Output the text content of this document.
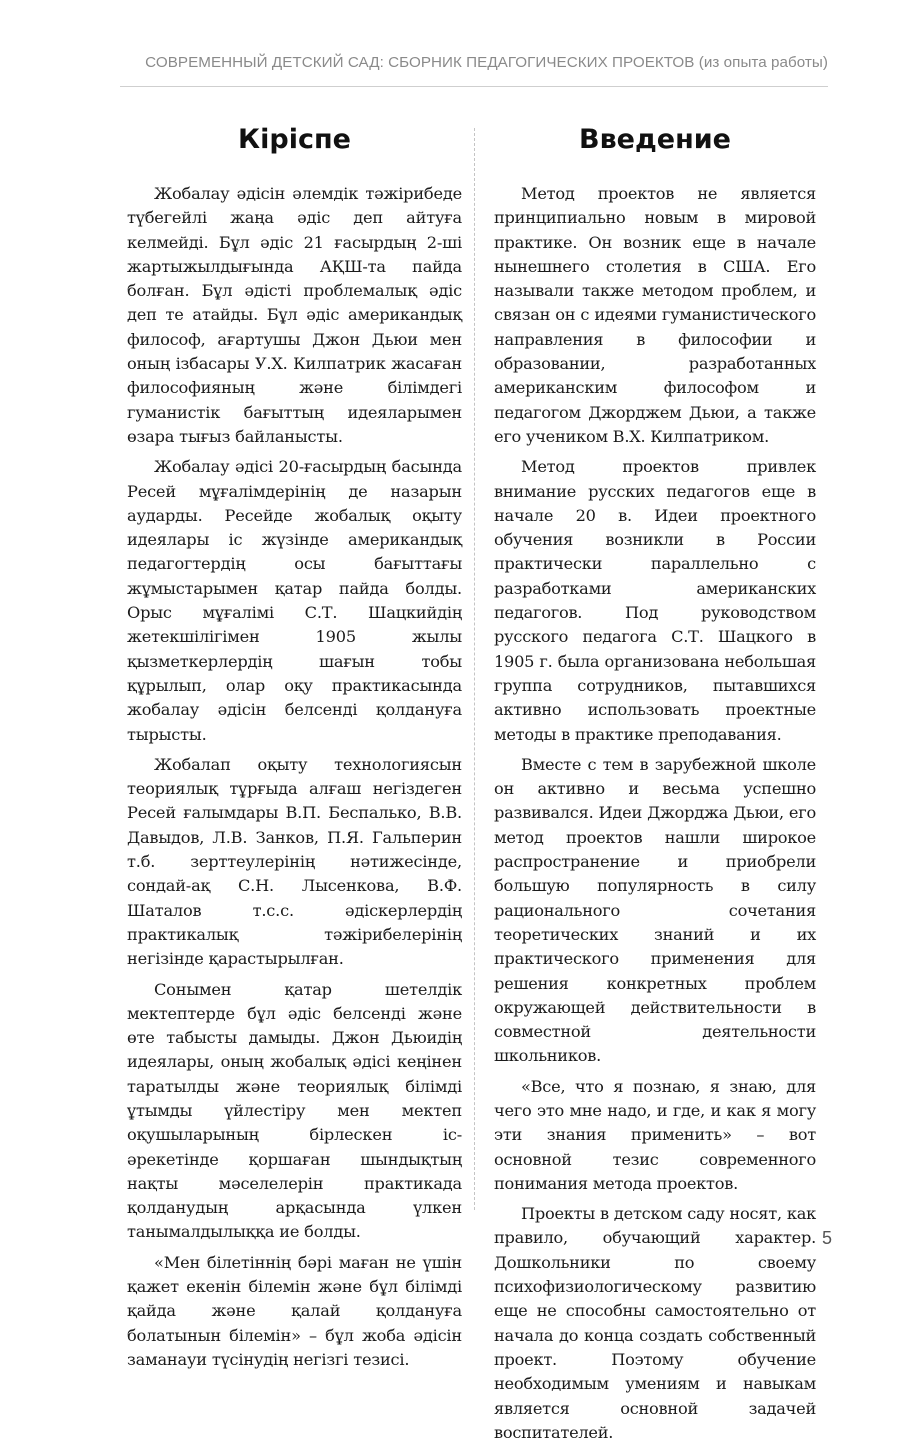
СОВРЕМЕННЫЙ ДЕТСКИЙ САД: СБОРНИК ПЕДАГОГИЧЕСКИХ ПРОЕКТОВ (из опыта работы)
Кіріспе

Жобалау әдісін әлемдік тәжірибеде түбегейлі жаңа әдіс деп айтуға келмейді. Бұл әдіс 21 ғасырдың 2-ші жартыжылдығында АҚШ-та пайда болған. Бұл әдісті проблемалық әдіс деп те атайды. Бұл әдіс американдық философ, ағартушы Джон Дьюи мен оның ізбасары У.Х. Килпатрик жасаған философияның және білімдегі гуманистік бағыттың идеяларымен өзара тығыз байланысты.

Жобалау әдісі 20-ғасырдың басында Ресей мұғалімдерінің де назарын аударды. Ресейде жобалық оқыту идеялары іс жүзінде американдық педагогтердің осы бағыттағы жұмыстарымен қатар пайда болды. Орыс мұғалімі С.Т. Шацкийдің жетекшілігімен 1905 жылы қызметкерлердің шағын тобы құрылып, олар оқу практикасында жобалау әдісін белсенді қолдануға тырысты.

Жобалап оқыту технологиясын теориялық тұрғыда алғаш негіздеген Ресей ғалымдары В.П. Беспалько, В.В. Давыдов, Л.В. Занков, П.Я. Гальперин т.б. зерттеулерінің нәтижесінде, сондай-ақ С.Н. Лысенкова, В.Ф. Шаталов т.с.с. әдіскерлердің практикалық тәжірибелерінің негізінде қарастырылған.

Сонымен қатар шетелдік мектептерде бұл әдіс белсенді және өте табысты дамыды. Джон Дьюидің идеялары, оның жобалық әдісі кеңінен таратылды және теориялық білімді ұтымды үйлестіру мен мектеп оқушыларының бірлескен іс-әрекетінде қоршаған шындықтың нақты мәселелерін практикада қолданудың арқасында үлкен танымалдылыққа ие болды.

«Мен білетіннің бәрі маған не үшін қажет екенін білемін және бұл білімді қайда және қалай қолдануға болатынын білемін» – бұл жоба әдісін заманауи түсінудің негізгі тезисі.

Введение

Метод проектов не является принципиально новым в мировой практике. Он возник еще в начале нынешнего столетия в США. Его называли также методом проблем, и связан он с идеями гуманистического направления в философии и образовании, разработанных американским философом и педагогом Джорджем Дьюи, а также его учеником В.Х. Килпатриком.

Метод проектов привлек внимание русских педагогов еще в начале 20 в. Идеи проектного обучения возникли в России практически параллельно с разработками американских педагогов. Под руководством русского педагога С.Т. Шацкого в 1905 г. была организована небольшая группа сотрудников, пытавшихся активно использовать проектные методы в практике преподавания.

Вместе с тем в зарубежной школе он активно и весьма успешно развивался. Идеи Джорджа Дьюи, его метод проектов нашли широкое распространение и приобрели большую популярность в силу рационального сочетания теоретических знаний и их практического применения для решения конкретных проблем окружающей действительности в совместной деятельности школьников.

«Все, что я познаю, я знаю, для чего это мне надо, и где, и как я могу эти знания применить» – вот основной тезис современного понимания метода проектов.

Проекты в детском саду носят, как правило, обучающий характер. Дошкольники по своему психофизиологическому развитию еще не способны самостоятельно от начала до конца создать собственный проект. Поэтому обучение необходимым умениям и навыкам является основной задачей воспитателей.

5
